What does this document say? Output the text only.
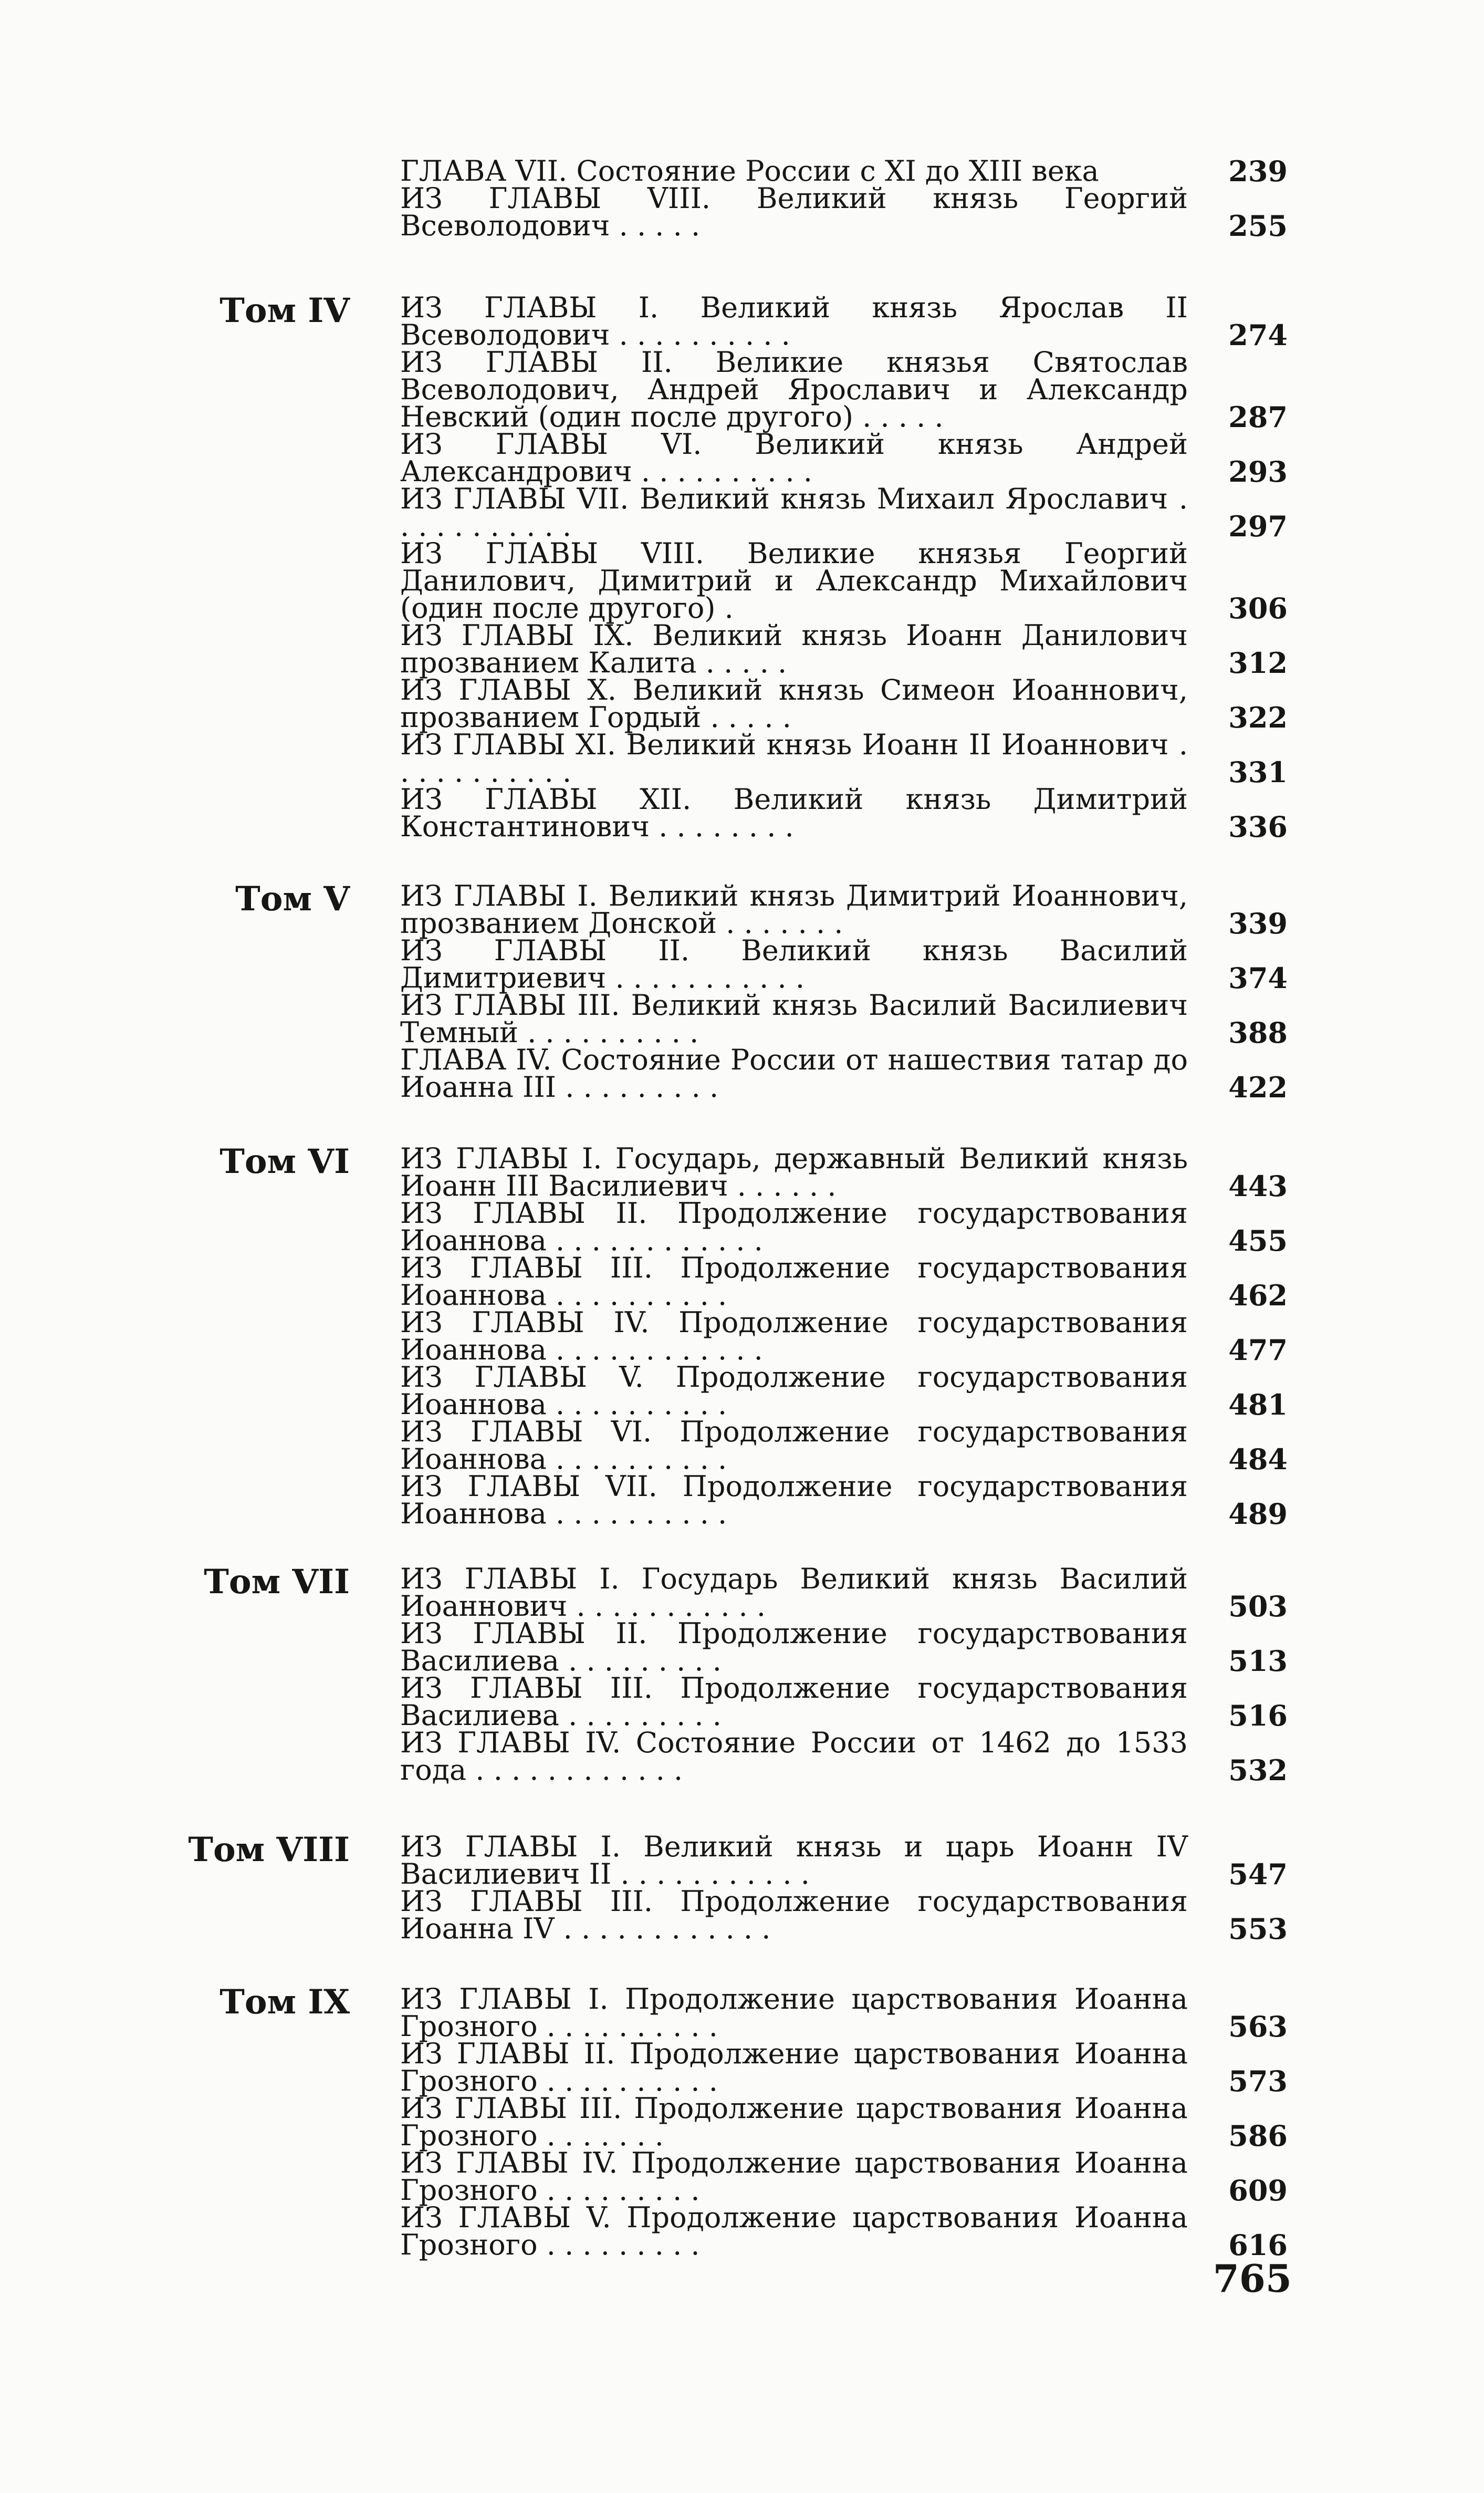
ГЛАВА VII. Состояние России с XI до XIII века	239
ИЗ ГЛАВЫ VIII. Великий князь Георгий Всеволодович . . . . .	255
Том IV ИЗ ГЛАВЫ I. Великий князь Ярослав II Всеволодович . . . . . . . . . .	274
ИЗ ГЛАВЫ II. Великие князья Святослав Всеволодович, Андрей Ярославич и Александр Невский (один после другого) . . . . .	287
ИЗ ГЛАВЫ VI. Великий князь Андрей Александрович . . . . . . . . . .	293
ИЗ ГЛАВЫ VII. Великий князь Михаил Ярославич . . . . . . . . . . .	297
ИЗ ГЛАВЫ VIII. Великие князья Георгий Данилович, Димитрий и Александр Михайлович (один после другого) .	306
ИЗ ГЛАВЫ IX. Великий князь Иоанн Данилович прозванием Калита . . . . .	312
ИЗ ГЛАВЫ X. Великий князь Симеон Иоаннович, прозванием Гордый . . . . .	322
ИЗ ГЛАВЫ XI. Великий князь Иоанн II Иоаннович . . . . . . . . . . .	331
ИЗ ГЛАВЫ XII. Великий князь Димитрий Константинович . . . . . . . .	336
Том V ИЗ ГЛАВЫ I. Великий князь Димитрий Иоаннович, прозванием Донской . . . . . . .	339
ИЗ ГЛАВЫ II. Великий князь Василий Димитриевич . . . . . . . . . . .	374
ИЗ ГЛАВЫ III. Великий князь Василий Василиевич Темный . . . . . . . . . .	388
ГЛАВА IV. Состояние России от нашествия татар до Иоанна III . . . . . . . . .	422
Том VI ИЗ ГЛАВЫ I. Государь, державный Великий князь Иоанн III Василиевич . . . . . .	443
ИЗ ГЛАВЫ II. Продолжение государствования Иоаннова . . . . . . . . . . . .	455
ИЗ ГЛАВЫ III. Продолжение государствования Иоаннова . . . . . . . . . .	462
ИЗ ГЛАВЫ IV. Продолжение государствования Иоаннова . . . . . . . . . . . .	477
ИЗ ГЛАВЫ V. Продолжение государствования Иоаннова . . . . . . . . . .	481
ИЗ ГЛАВЫ VI. Продолжение государствования Иоаннова . . . . . . . . . .	484
ИЗ ГЛАВЫ VII. Продолжение государствования Иоаннова . . . . . . . . . .	489
Том VII ИЗ ГЛАВЫ I. Государь Великий князь Василий Иоаннович . . . . . . . . . . .	503
ИЗ ГЛАВЫ II. Продолжение государствования Василиева . . . . . . . . .	513
ИЗ ГЛАВЫ III. Продолжение государствования Василиева . . . . . . . . .	516
ИЗ ГЛАВЫ IV. Состояние России от 1462 до 1533 года . . . . . . . . . . . .	532
Том VIII ИЗ ГЛАВЫ I. Великий князь и царь Иоанн IV Василиевич II . . . . . . . . . . .	547
ИЗ ГЛАВЫ III. Продолжение государствования Иоанна IV . . . . . . . . . . . .	553
Том IX ИЗ ГЛАВЫ I. Продолжение царствования Иоанна Грозного . . . . . . . . . .	563
ИЗ ГЛАВЫ II. Продолжение царствования Иоанна Грозного . . . . . . . . . .	573
ИЗ ГЛАВЫ III. Продолжение царствования Иоанна Грозного . . . . . . .	586
ИЗ ГЛАВЫ IV. Продолжение царствования Иоанна Грозного . . . . . . . . .	609
ИЗ ГЛАВЫ V. Продолжение царствования Иоанна Грозного . . . . . . . . .	616
765
